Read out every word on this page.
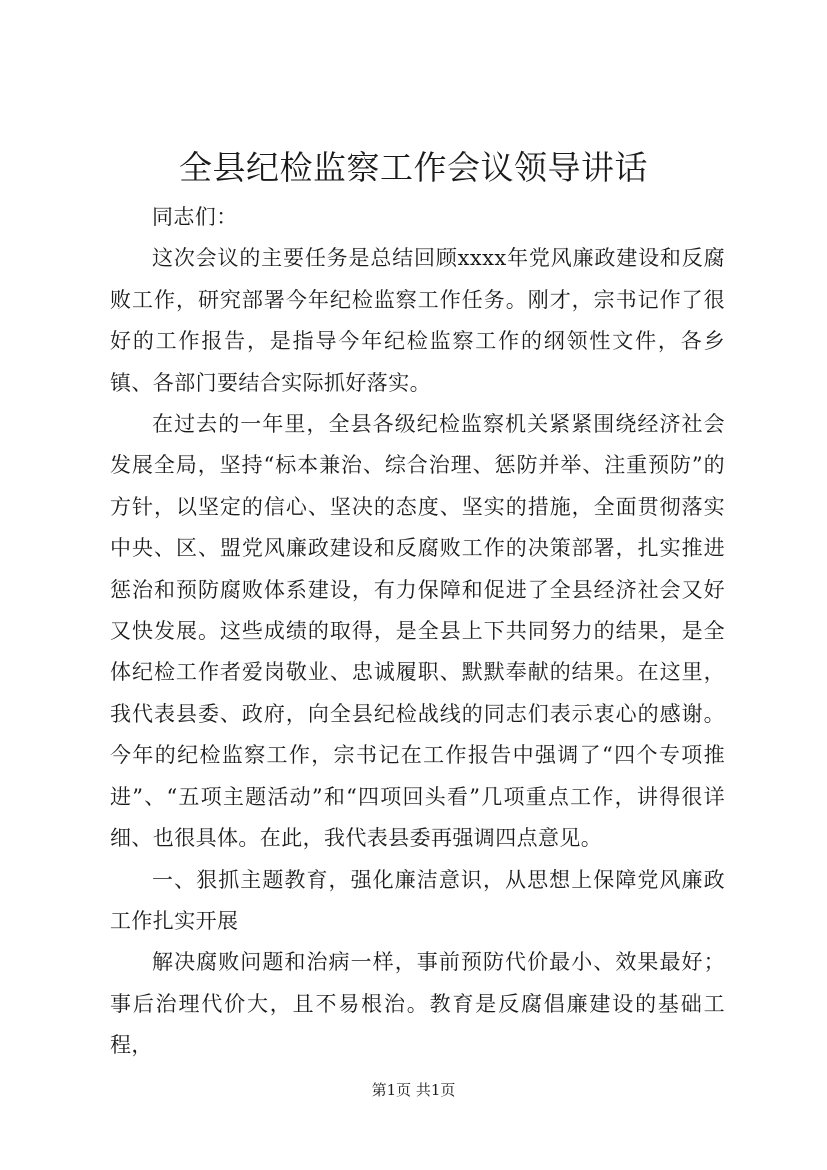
全县纪检监察工作会议领导讲话

同志们：

这次会议的主要任务是总结回顾xxxx年党风廉政建设和反腐败工作，研究部署今年纪检监察工作任务。刚才，宗书记作了很好的工作报告，是指导今年纪检监察工作的纲领性文件，各乡镇、各部门要结合实际抓好落实。

在过去的一年里，全县各级纪检监察机关紧紧围绕经济社会发展全局，坚持“标本兼治、综合治理、惩防并举、注重预防”的方针，以坚定的信心、坚决的态度、坚实的措施，全面贯彻落实中央、区、盟党风廉政建设和反腐败工作的决策部署，扎实推进惩治和预防腐败体系建设，有力保障和促进了全县经济社会又好又快发展。这些成绩的取得，是全县上下共同努力的结果，是全体纪检工作者爱岗敬业、忠诚履职、默默奉献的结果。在这里，我代表县委、政府，向全县纪检战线的同志们表示衷心的感谢。今年的纪检监察工作，宗书记在工作报告中强调了“四个专项推进”、“五项主题活动”和“四项回头看”几项重点工作，讲得很详细、也很具体。在此，我代表县委再强调四点意见。

一、狠抓主题教育，强化廉洁意识，从思想上保障党风廉政工作扎实开展

解决腐败问题和治病一样，事前预防代价最小、效果最好；事后治理代价大，且不易根治。教育是反腐倡廉建设的基础工程，

第1页 共1页
